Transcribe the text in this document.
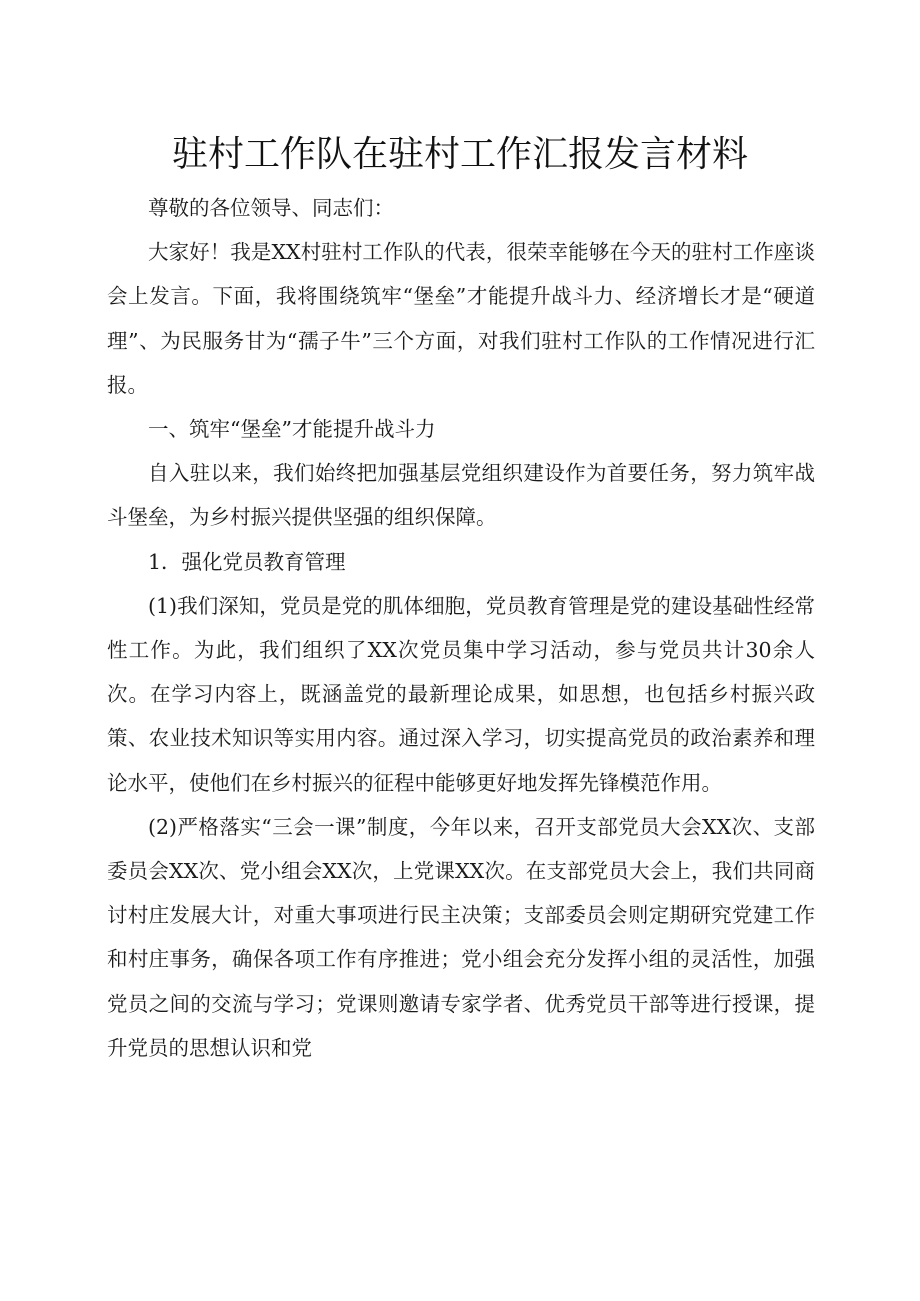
驻村工作队在驻村工作汇报发言材料

尊敬的各位领导、同志们：

大家好！我是XX村驻村工作队的代表，很荣幸能够在今天的驻村工作座谈会上发言。下面，我将围绕筑牢“堡垒”才能提升战斗力、经济增长才是“硬道理”、为民服务甘为“孺子牛”三个方面，对我们驻村工作队的工作情况进行汇报。

一、筑牢“堡垒”才能提升战斗力

自入驻以来，我们始终把加强基层党组织建设作为首要任务，努力筑牢战斗堡垒，为乡村振兴提供坚强的组织保障。

1．强化党员教育管理

(1)我们深知，党员是党的肌体细胞，党员教育管理是党的建设基础性经常性工作。为此，我们组织了XX次党员集中学习活动，参与党员共计30余人次。在学习内容上，既涵盖党的最新理论成果，如思想，也包括乡村振兴政策、农业技术知识等实用内容。通过深入学习，切实提高党员的政治素养和理论水平，使他们在乡村振兴的征程中能够更好地发挥先锋模范作用。

(2)严格落实“三会一课”制度，今年以来，召开支部党员大会XX次、支部委员会XX次、党小组会XX次，上党课XX次。在支部党员大会上，我们共同商讨村庄发展大计，对重大事项进行民主决策；支部委员会则定期研究党建工作和村庄事务，确保各项工作有序推进；党小组会充分发挥小组的灵活性，加强党员之间的交流与学习；党课则邀请专家学者、优秀党员干部等进行授课，提升党员的思想认识和党
